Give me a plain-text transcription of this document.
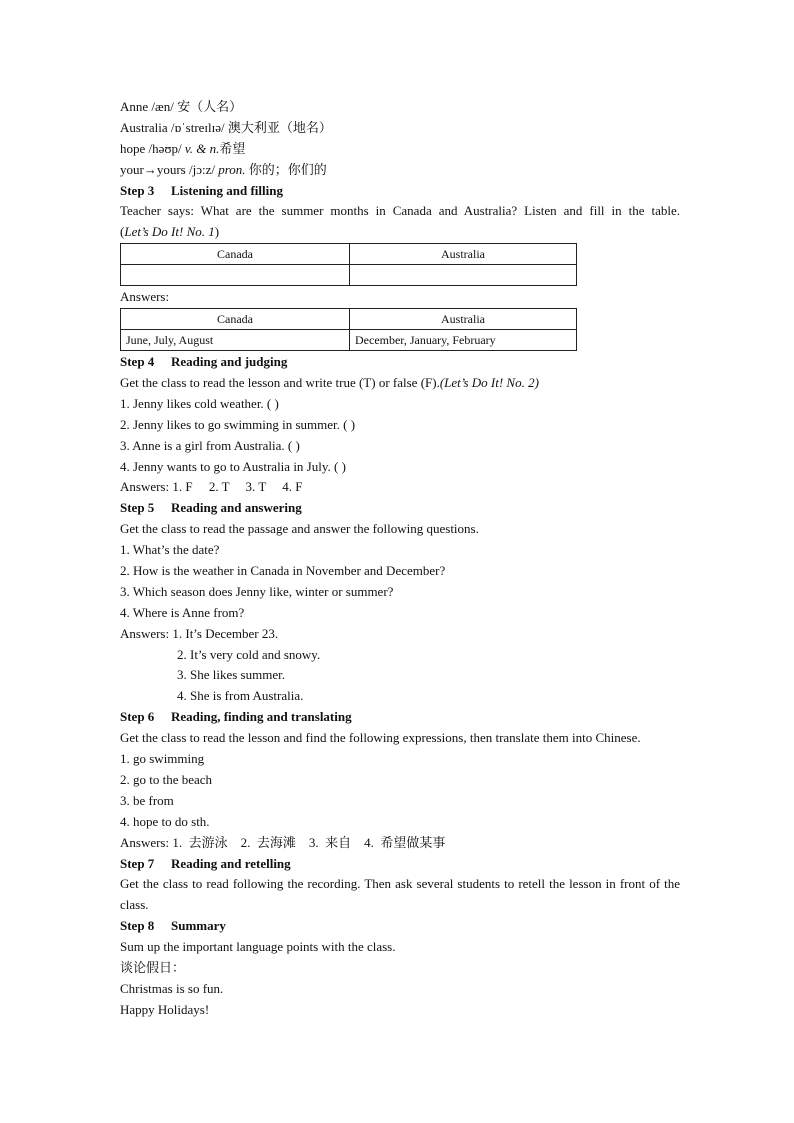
Anne /æn/ 安（人名）
Australia /ɒˈstreɪlɪə/ 澳大利亚（地名）
hope /həʊp/ v. & n.希望
your→yours /jɔ:z/ pron. 你的；你们的
Step 3 Listening and filling
Teacher says: What are the summer months in Canada and Australia? Listen and fill in the table.
(Let’s Do It! No. 1)
Canada	Australia

Answers:
Canada	Australia
June, July, August	December, January, February
Step 4 Reading and judging
Get the class to read the lesson and write true (T) or false (F).(Let’s Do It! No. 2)
1. Jenny likes cold weather. ( )
2. Jenny likes to go swimming in summer. ( )
3. Anne is a girl from Australia. ( )
4. Jenny wants to go to Australia in July. ( )
Answers: 1. F     2. T     3. T     4. F
Step 5 Reading and answering
Get the class to read the passage and answer the following questions.
1. What’s the date?
2. How is the weather in Canada in November and December?
3. Which season does Jenny like, winter or summer?
4. Where is Anne from?
Answers: 1. It’s December 23.
2. It’s very cold and snowy.
3. She likes summer.
4. She is from Australia.
Step 6 Reading, finding and translating
Get the class to read the lesson and find the following expressions, then translate them into Chinese.
1. go swimming
2. go to the beach
3. be from
4. hope to do sth.
Answers: 1.  去游泳    2.  去海滩    3.  来自    4.  希望做某事
Step 7 Reading and retelling
Get the class to read following the recording. Then ask several students to retell the lesson in front of the class.
Step 8 Summary
Sum up the important language points with the class.
谈论假日：
Christmas is so fun.
Happy Holidays!
